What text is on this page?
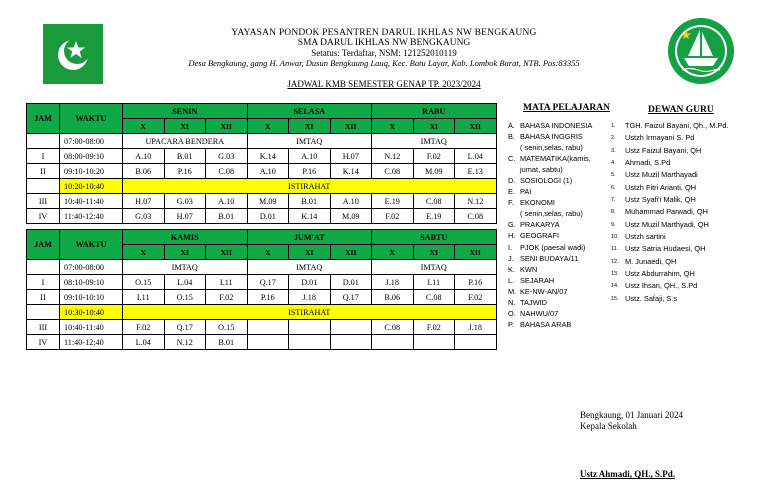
YAYASAN PONDOK PESANTREN DARUL IKHLAS NW BENGKAUNG
SMA DARUL IKHLAS NW BENGKAUNG
Setatus: Terdaftar, NSM: 121252010119
Desa Bengkaung, gang H. Anwar, Dusun Bengkaung Lauq, Kec. Batu Layar, Kab. Lombok Barat, NTB. Pos:83355
JADWAL KMB SEMESTER GENAP TP. 2023/2024
JAM	WAKTU	SENIN			SELASA			RABU		
		X	XI	XII	X	XI	XII	X	XI	XII
	07:00-08:00	UPACARA BENDERA			IMTAQ			IMTAQ		
I	08:00-09:10	A.10	B.01	G.03	K.14	A.10	H.07	N.12	F.02	L.04
II	09:10-10:20	B.06	P.16	C.08	A.10	P.16	K.14	C.08	M.09	E.13
	10:20-10:40	ISTIRAHAT								
III	10:40-11:40	H.07	G.03	A.10	M.09	B.01	A.10	E.19	C.08	N.12
IV	11:40-12:40	G.03	H.07	B.01	D.01	K.14	M.09	F.02	E.19	C.08
JAM	WAKTU	KAMIS			JUM'AT			SABTU		
		X	XI	XII	X	XI	XII	X	XI	XII
	07:00-08:00	IMTAQ			IMTAQ			IMTAQ		
I	08:10-09:10	O.15	L.04	I.11	Q.17	D.01	D.01	J.18	I.11	P.16
II	09:10-10:10	I.11	O.15	F.02	P.16	J.18	Q.17	B.06	C.08	F.02
	10:30-10:40	ISTIRAHAT								
III	10:40-11:40	F.02	Q.17	O.15				C.08	F.02	J.18
IV	11:40-12:40	L.04	N.12	B.01						
MATA PELAJARAN
A. BAHASA INDONESIA
B. BAHASA INGGRIS
( senin,selas, rabu)
C. MATEMATIKA(kamis,
jumat, sabtu)
D. SOSIOLOGI (1)
E. PAI
F. EKONOMI
( senin,selas, rabu)
G. PRAKARYA
H. GEOGRAFI
I.	PJOK (paesal wadi)
J. SENI BUDAYA/11
K. KWN
L. SEJARAH
M. KE-NW-AN/07
N. TAJWID
O. NAHWU/07
P. BAHASA ARAB
DEWAN GURU
1.	TGH. Faizul Bayani, Qh., M.Pd.
2.	Ustzh Irmayani S. Pd
3.	Ustz Faizul Bayani, QH
4.	Ahmadi, S.Pd
5.	Ustz Muzil Marthayadi
6.	Ustzh Fitri Arianti, QH
7.	Ustz Syafi'i Malik, QH
8.	Muhammad Parwadi, QH
9.	Ustz Muzil Marthyadi, QH
10. Ustzh sartini
11. Ustz Satria Hudaesi, QH
12. M. Junaedi, QH
13. Ustz Abdurrahim, QH
14. Ustz Ihsan, QH., S.Pd
15. Ustz. Safaji, S.s
Bengkaung, 01 Januari 2024
Kepala Sekolah
Ustz Ahmadi, QH., S.Pd.
